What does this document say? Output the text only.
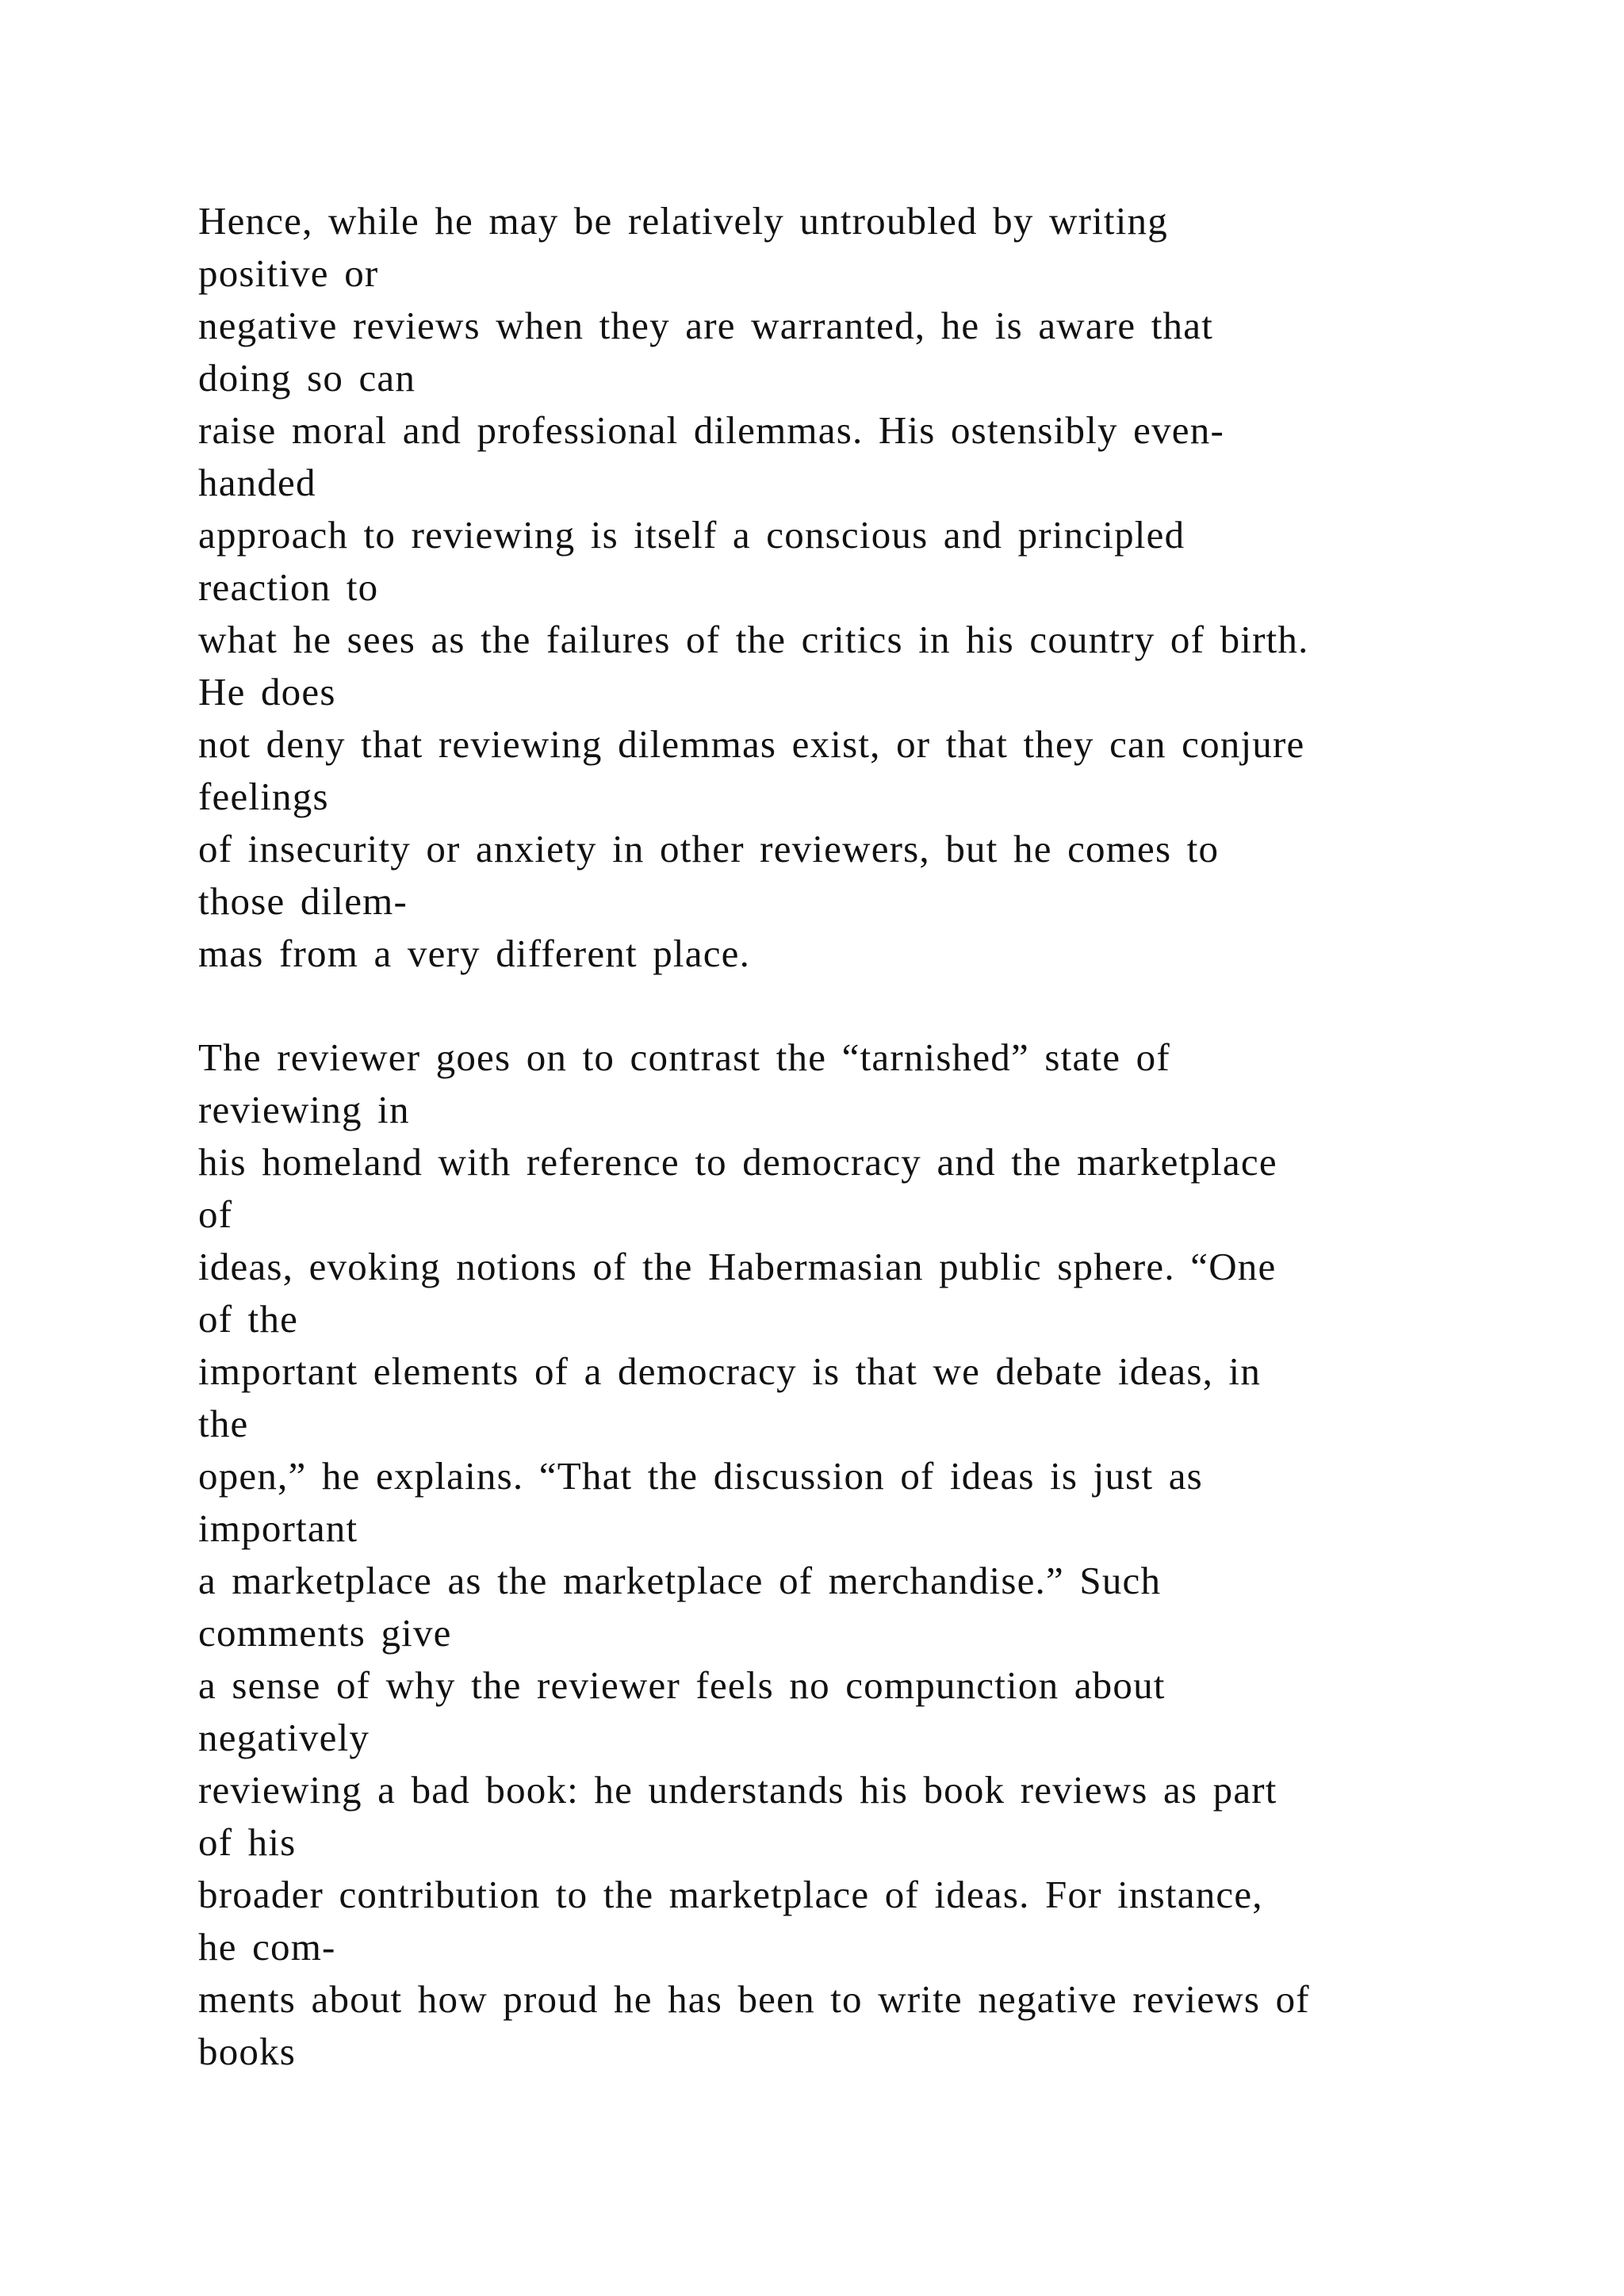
Hence, while he may be relatively untroubled by writing
positive or
negative reviews when they are warranted, he is aware that
doing so can
raise moral and professional dilemmas. His ostensibly even-
handed
approach to reviewing is itself a conscious and principled
reaction to
what he sees as the failures of the critics in his country of birth.
He does
not deny that reviewing dilemmas exist, or that they can conjure
feelings
of insecurity or anxiety in other reviewers, but he comes to
those dilem-
mas from a very different place.
The reviewer goes on to contrast the “tarnished” state of
reviewing in
his homeland with reference to democracy and the marketplace
of
ideas, evoking notions of the Habermasian public sphere. “One
of the
important elements of a democracy is that we debate ideas, in
the
open,” he explains. “That the discussion of ideas is just as
important
a marketplace as the marketplace of merchandise.” Such
comments give
a sense of why the reviewer feels no compunction about
negatively
reviewing a bad book: he understands his book reviews as part
of his
broader contribution to the marketplace of ideas. For instance,
he com-
ments about how proud he has been to write negative reviews of
books
